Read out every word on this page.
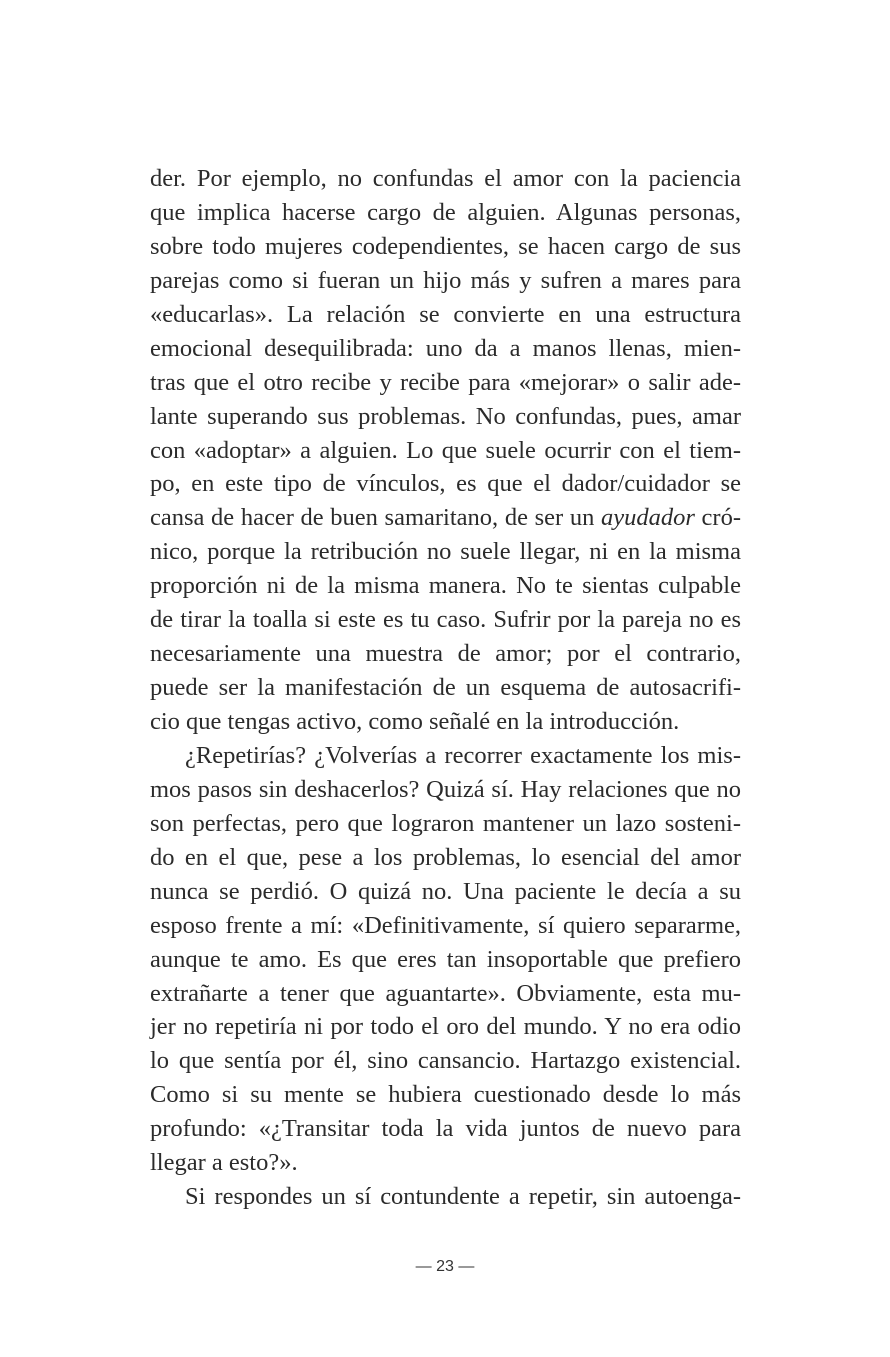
der. Por ejemplo, no confundas el amor con la paciencia
que implica hacerse cargo de alguien. Algunas personas,
sobre todo mujeres codependientes, se hacen cargo de sus
parejas como si fueran un hijo más y sufren a mares para
«educarlas». La relación se convierte en una estructura
emocional desequilibrada: uno da a manos llenas, mien-
tras que el otro recibe y recibe para «mejorar» o salir ade-
lante superando sus problemas. No confundas, pues, amar
con «adoptar» a alguien. Lo que suele ocurrir con el tiem-
po, en este tipo de vínculos, es que el dador/cuidador se
cansa de hacer de buen samaritano, de ser un ayudador cró-
nico, porque la retribución no suele llegar, ni en la misma
proporción ni de la misma manera. No te sientas culpable
de tirar la toalla si este es tu caso. Sufrir por la pareja no es
necesariamente una muestra de amor; por el contrario,
puede ser la manifestación de un esquema de autosacrifi-
cio que tengas activo, como señalé en la introducción.
¿Repetirías? ¿Volverías a recorrer exactamente los mis-
mos pasos sin deshacerlos? Quizá sí. Hay relaciones que no
son perfectas, pero que lograron mantener un lazo sosteni-
do en el que, pese a los problemas, lo esencial del amor
nunca se perdió. O quizá no. Una paciente le decía a su
esposo frente a mí: «Definitivamente, sí quiero separarme,
aunque te amo. Es que eres tan insoportable que prefiero
extrañarte a tener que aguantarte». Obviamente, esta mu-
jer no repetiría ni por todo el oro del mundo. Y no era odio
lo que sentía por él, sino cansancio. Hartazgo existencial.
Como si su mente se hubiera cuestionado desde lo más
profundo: «¿Transitar toda la vida juntos de nuevo para
llegar a esto?».
Si respondes un sí contundente a repetir, sin autoenga-
— 23 —
